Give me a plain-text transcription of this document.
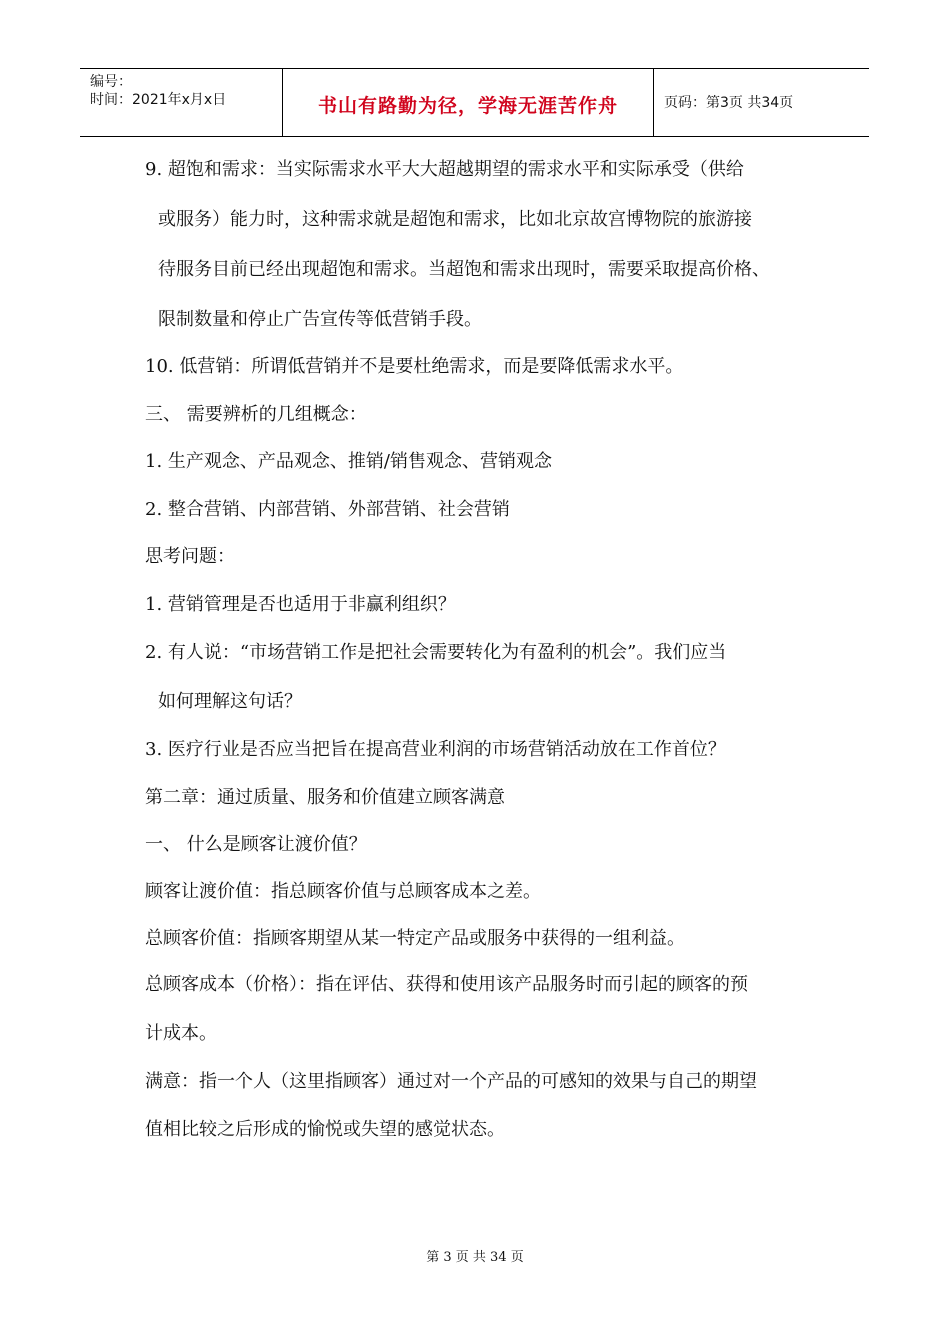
编号：
时间：2021年x月x日	书山有路勤为径，学海无涯苦作舟	页码：第3页 共34页
9. 超饱和需求：当实际需求水平大大超越期望的需求水平和实际承受（供给
或服务）能力时，这种需求就是超饱和需求，比如北京故宫博物院的旅游接
待服务目前已经出现超饱和需求。当超饱和需求出现时，需要采取提高价格、
限制数量和停止广告宣传等低营销手段。
10. 低营销：所谓低营销并不是要杜绝需求，而是要降低需求水平。
三、 需要辨析的几组概念：
1. 生产观念、产品观念、推销/销售观念、营销观念
2. 整合营销、内部营销、外部营销、社会营销
思考问题：
1. 营销管理是否也适用于非赢利组织？
2. 有人说：“市场营销工作是把社会需要转化为有盈利的机会”。我们应当
如何理解这句话？
3. 医疗行业是否应当把旨在提高营业利润的市场营销活动放在工作首位？
第二章：通过质量、服务和价值建立顾客满意
一、 什么是顾客让渡价值？
顾客让渡价值：指总顾客价值与总顾客成本之差。
总顾客价值：指顾客期望从某一特定产品或服务中获得的一组利益。
总顾客成本（价格）：指在评估、获得和使用该产品服务时而引起的顾客的预
计成本。
满意：指一个人（这里指顾客）通过对一个产品的可感知的效果与自己的期望
值相比较之后形成的愉悦或失望的感觉状态。
第 3 页 共 34 页
